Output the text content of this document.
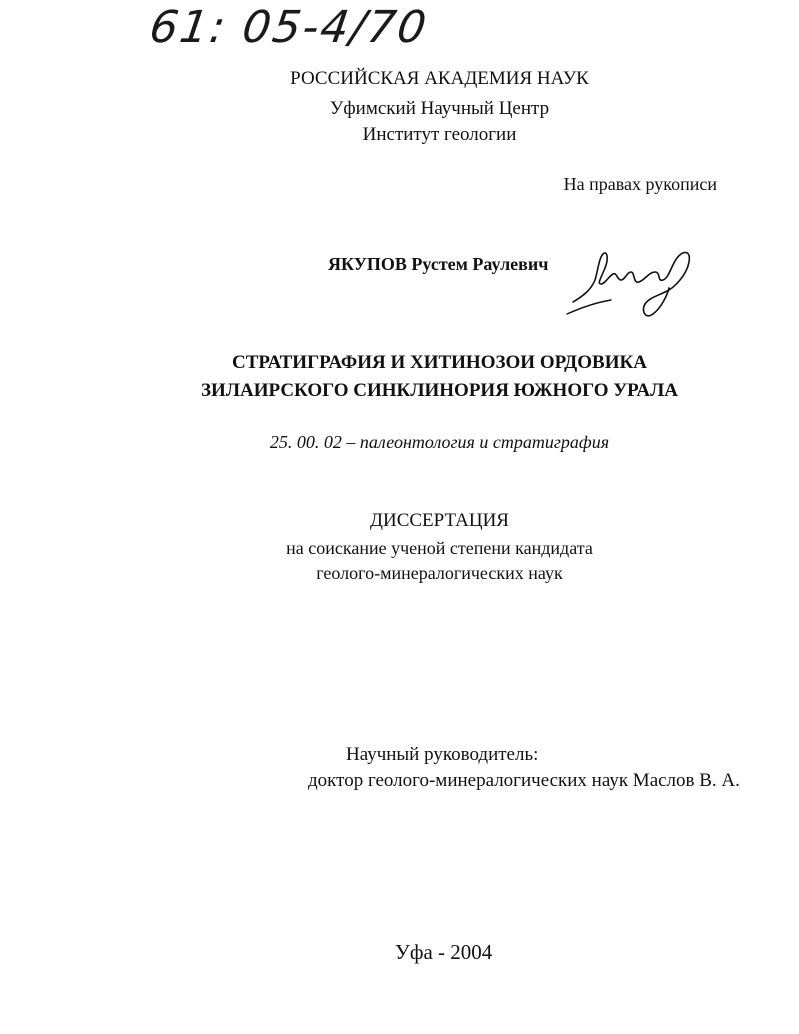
61: 05-4/70
РОССИЙСКАЯ АКАДЕМИЯ НАУК
Уфимский Научный Центр
Институт геологии
На правах рукописи
ЯКУПОВ Рустем Раулевич
СТРАТИГРАФИЯ И ХИТИНОЗОИ ОРДОВИКА
ЗИЛАИРСКОГО СИНКЛИНОРИЯ ЮЖНОГО УРАЛА
25. 00. 02 – палеонтология и стратиграфия
ДИССЕРТАЦИЯ
на соискание ученой степени кандидата
геолого-минералогических наук
Научный руководитель:
доктор геолого-минералогических наук Маслов В. А.
Уфа - 2004
